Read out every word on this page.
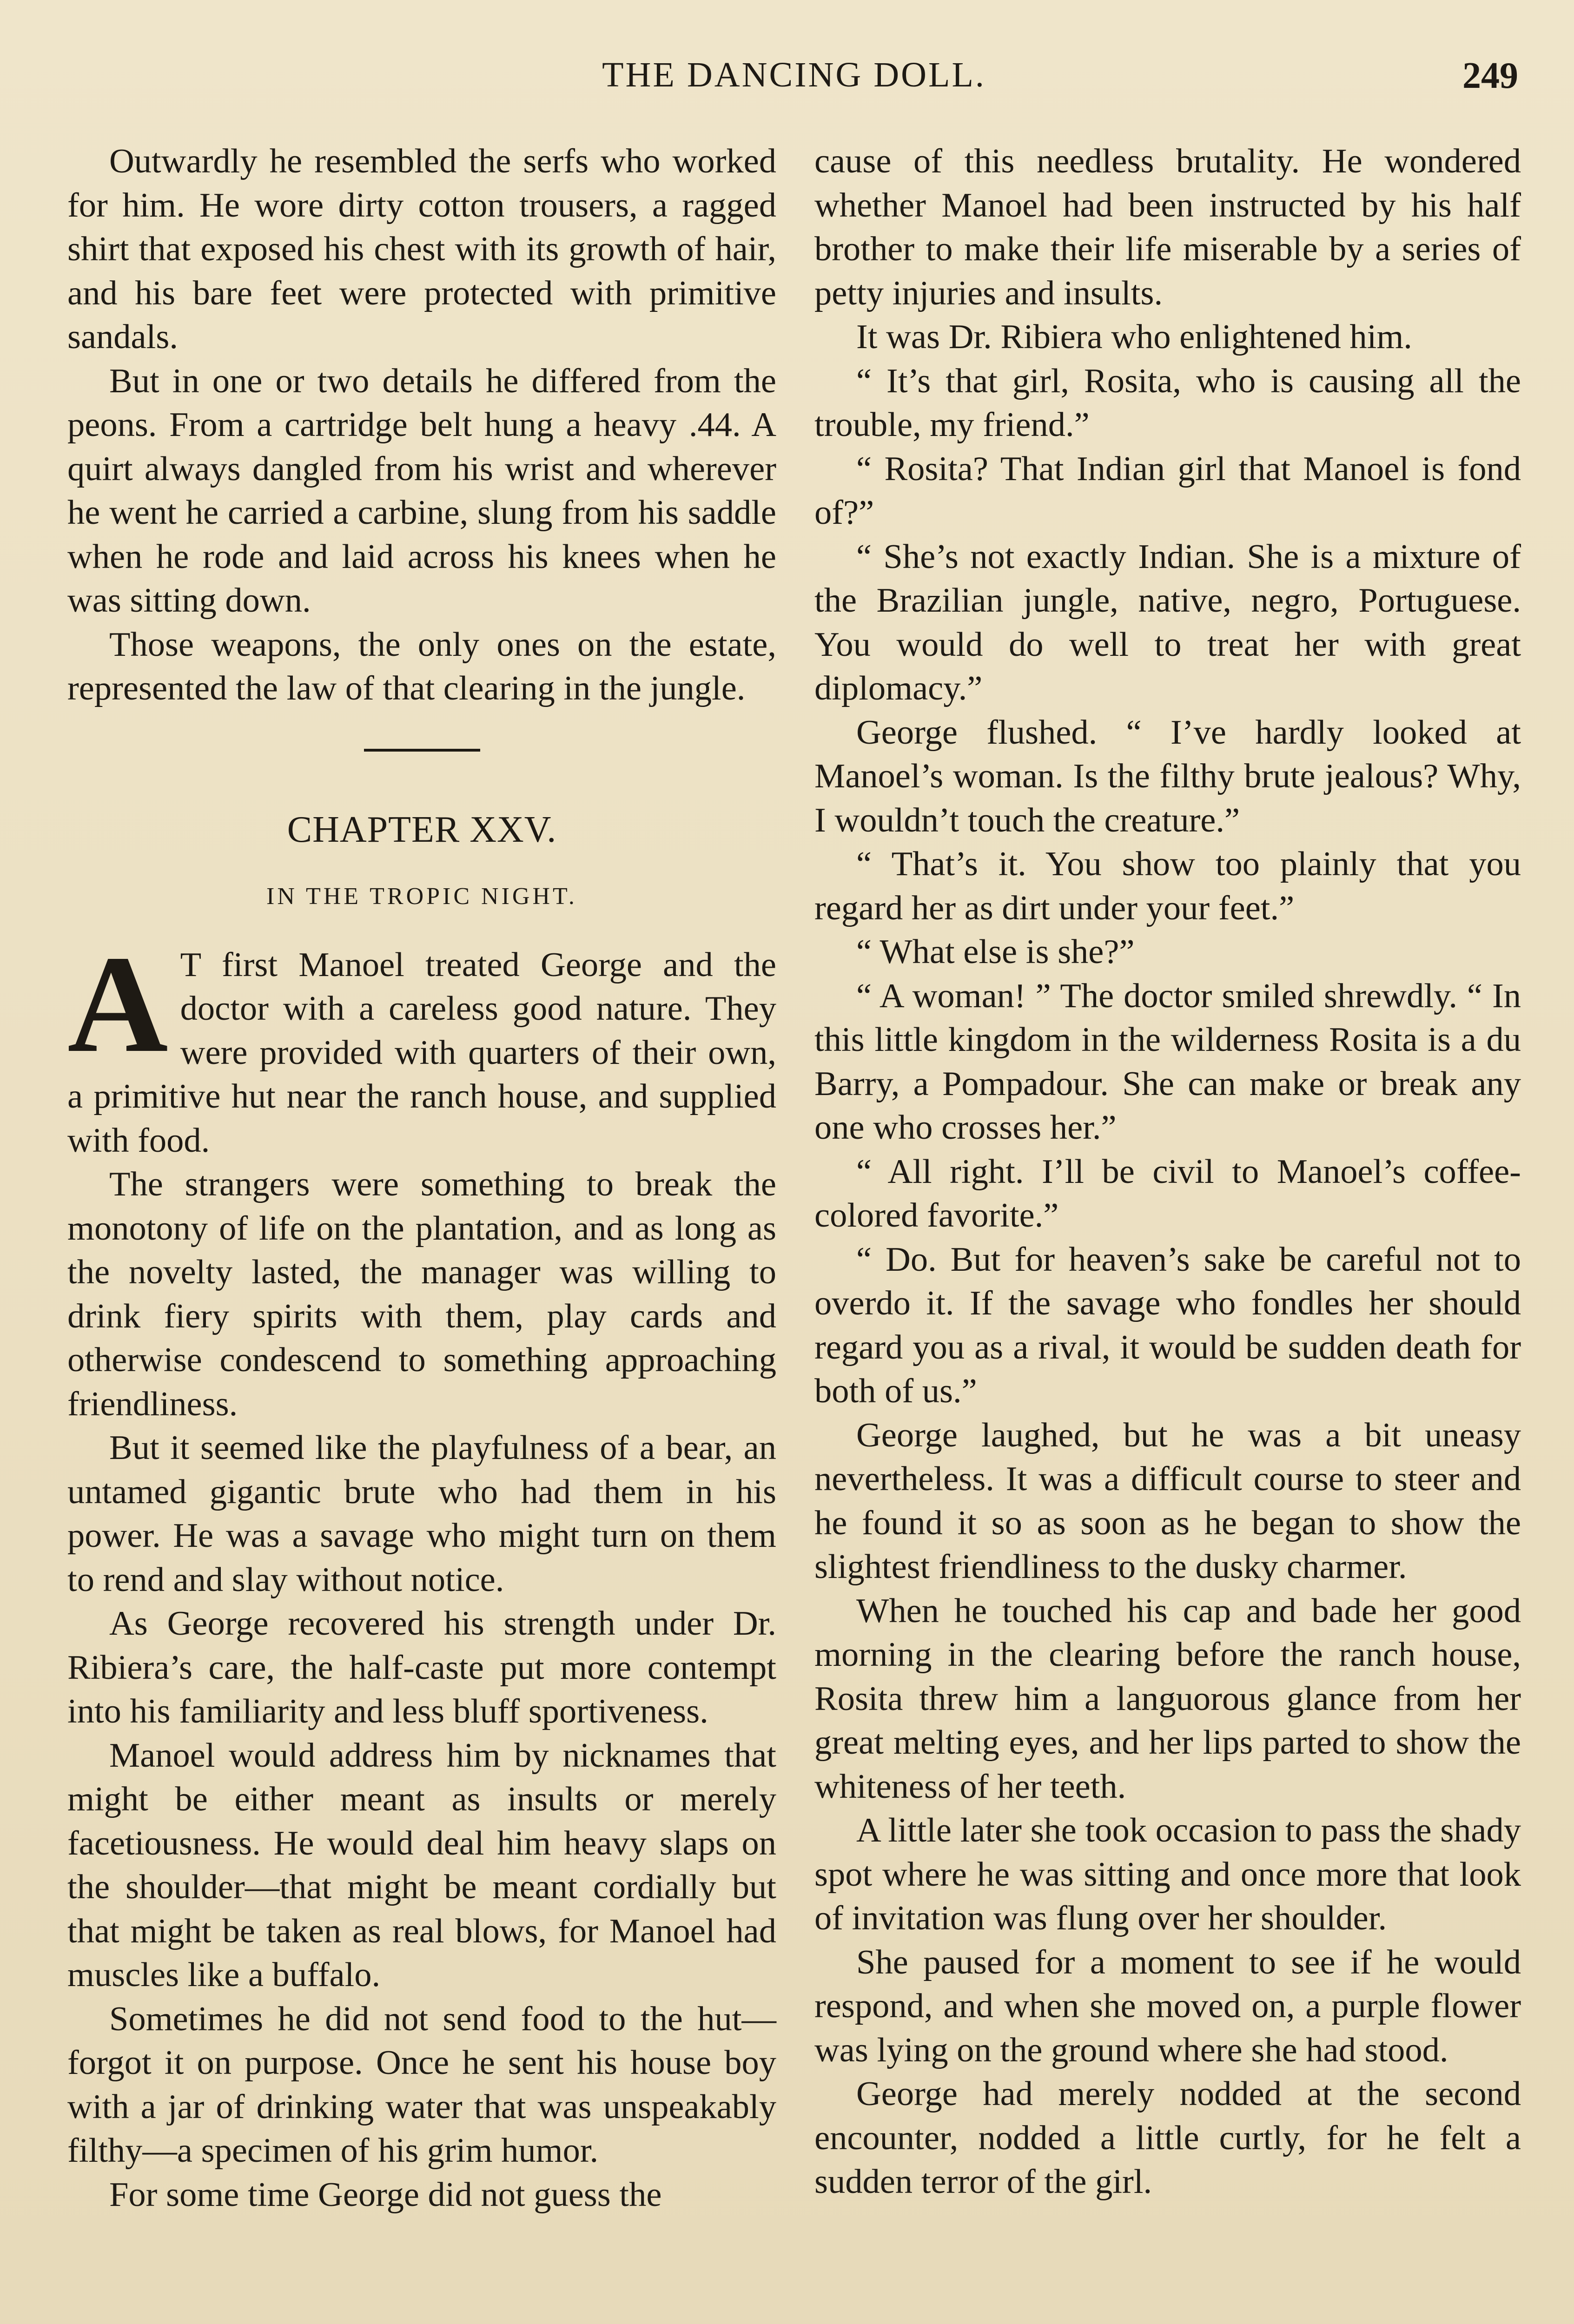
THE DANCING DOLL.	249

Outwardly he resembled the serfs who worked for him. He wore dirty cotton trousers, a ragged shirt that exposed his chest with its growth of hair, and his bare feet were protected with primitive sandals.

But in one or two details he differed from the peons. From a cartridge belt hung a heavy .44. A quirt always dangled from his wrist and wherever he went he carried a carbine, slung from his saddle when he rode and laid across his knees when he was sitting down.

Those weapons, the only ones on the estate, represented the law of that clearing in the jungle.

CHAPTER XXV.
IN THE TROPIC NIGHT.

A T first Manoel treated George and the doctor with a careless good nature. They were provided with quarters of their own, a primitive hut near the ranch house, and supplied with food.

The strangers were something to break the monotony of life on the plantation, and as long as the novelty lasted, the manager was willing to drink fiery spirits with them, play cards and otherwise condescend to something approaching friendliness.

But it seemed like the playfulness of a bear, an untamed gigantic brute who had them in his power. He was a savage who might turn on them to rend and slay without notice.

As George recovered his strength under Dr. Ribiera’s care, the half-caste put more contempt into his familiarity and less bluff sportiveness.

Manoel would address him by nicknames that might be either meant as insults or merely facetiousness. He would deal him heavy slaps on the shoulder—that might be meant cordially but that might be taken as real blows, for Manoel had muscles like a buffalo.

Sometimes he did not send food to the hut—forgot it on purpose. Once he sent his house boy with a jar of drinking water that was unspeakably filthy—a specimen of his grim humor.

For some time George did not guess the

cause of this needless brutality. He wondered whether Manoel had been instructed by his half brother to make their life miserable by a series of petty injuries and insults.

It was Dr. Ribiera who enlightened him.

“ It’s that girl, Rosita, who is causing all the trouble, my friend.”

“ Rosita? That Indian girl that Manoel is fond of?”

“ She’s not exactly Indian. She is a mixture of the Brazilian jungle, native, negro, Portuguese. You would do well to treat her with great diplomacy.”

George flushed. “ I’ve hardly looked at Manoel’s woman. Is the filthy brute jealous? Why, I wouldn’t touch the creature.”

“ That’s it. You show too plainly that you regard her as dirt under your feet.”

“ What else is she?”

“ A woman! ” The doctor smiled shrewdly. “ In this little kingdom in the wilderness Rosita is a du Barry, a Pompadour. She can make or break any one who crosses her.”

“ All right. I’ll be civil to Manoel’s coffee-colored favorite.”

“ Do. But for heaven’s sake be careful not to overdo it. If the savage who fondles her should regard you as a rival, it would be sudden death for both of us.”

George laughed, but he was a bit uneasy nevertheless. It was a difficult course to steer and he found it so as soon as he began to show the slightest friendliness to the dusky charmer.

When he touched his cap and bade her good morning in the clearing before the ranch house, Rosita threw him a languorous glance from her great melting eyes, and her lips parted to show the whiteness of her teeth.

A little later she took occasion to pass the shady spot where he was sitting and once more that look of invitation was flung over her shoulder.

She paused for a moment to see if he would respond, and when she moved on, a purple flower was lying on the ground where she had stood.

George had merely nodded at the second encounter, nodded a little curtly, for he felt a sudden terror of the girl.
